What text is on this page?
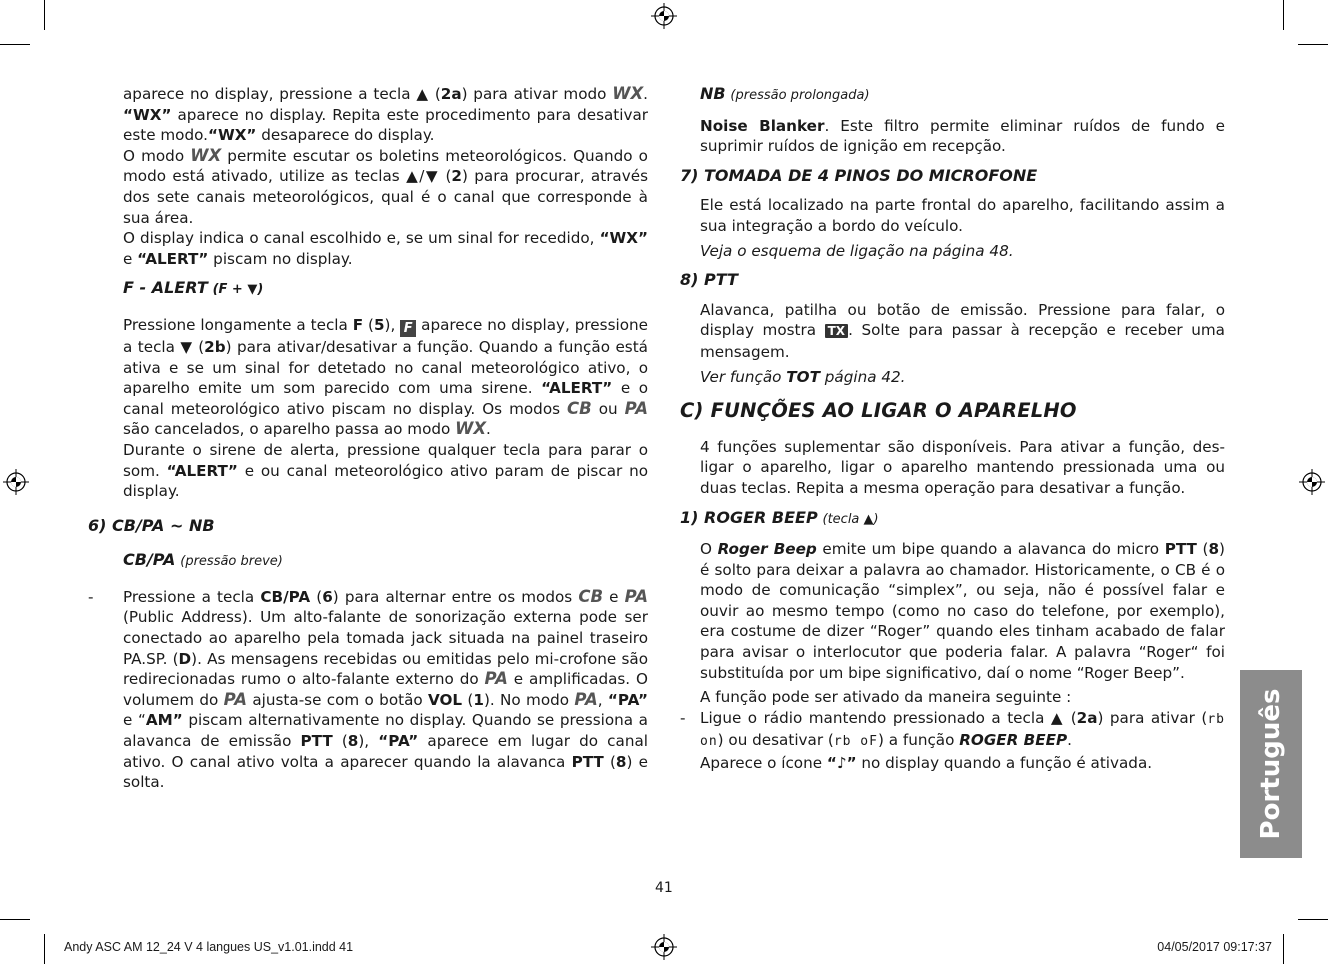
aparece no display, pressione a tecla ▲ (2a) para ativar modo WX. “WX” aparece no display. Repita este procedimento para desativar este modo.“WX” desaparece do display.

O modo WX permite escutar os boletins meteorológicos. Quando o modo está ativado, utilize as teclas ▲/▼ (2) para procurar, através dos sete canais meteorológicos, qual é o canal que corresponde à sua área.

O display indica o canal escolhido e, se um sinal for recedido, “WX” e “ALERT” piscam no display.

F - ALERT (F + ▼)

Pressione longamente a tecla F (5), F aparece no display, pressione a tecla ▼ (2b) para ativar/desativar a função. Quando a função está ativa e se um sinal for detetado no canal meteorológico ativo, o aparelho emite um som parecido com uma sirene. “ALERT” e o canal meteorológico ativo piscam no display. Os modos CB ou PA são cancelados, o aparelho passa ao modo WX.

Durante o sirene de alerta, pressione qualquer tecla para parar o som. “ALERT” e ou canal meteorológico ativo param de piscar no display.

6) CB/PA ~ NB

CB/PA (pressão breve)

- Pressione a tecla CB/PA (6) para alternar entre os modos CB e PA (Public Address). Um alto-falante de sonorização externa pode ser conectado ao aparelho pela tomada jack situada na painel traseiro PA.SP. (D). As mensagens recebidas ou emitidas pelo mi-crofone são redirecionadas rumo o alto-falante externo do PA e amplificadas. O volumem do PA ajusta-se com o botão VOL (1). No modo PA, “PA” e “AM” piscam alternativamente no display. Quando se pressiona a alavanca de emissão PTT (8), “PA” aparece em lugar do canal ativo. O canal ativo volta a aparecer quando la alavanca PTT (8) e solta.

NB (pressão prolongada)

Noise Blanker. Este filtro permite eliminar ruídos de fundo e suprimir ruídos de ignição em recepção.

7) TOMADA DE 4 PINOS DO MICROFONE

Ele está localizado na parte frontal do aparelho, facilitando assim a sua integração a bordo do veículo.

Veja o esquema de ligação na página 48.

8) PTT

Alavanca, patilha ou botão de emissão. Pressione para falar, o display mostra TX . Solte para passar à recepção e receber uma mensagem.

Ver função TOT página 42.

C) FUNÇÕES AO LIGAR O APARELHO

4 funções suplementar são disponíveis. Para ativar a função, des-ligar o aparelho, ligar o aparelho mantendo pressionada uma ou duas teclas. Repita a mesma operação para desativar a função.

1) ROGER BEEP (tecla ▲)

O Roger Beep emite um bipe quando a alavanca do micro PTT (8) é solto para deixar a palavra ao chamador. Historicamente, o CB é o modo de comunicação “simplex”, ou seja, não é possível falar e ouvir ao mesmo tempo (como no caso do telefone, por exemplo), era costume de dizer “Roger” quando eles tinham acabado de falar para avisar o interlocutor que poderia falar. A palavra “Roger“ foi substituída por um bipe significativo, daí o nome “Roger Beep”.

A função pode ser ativado da maneira seguinte :

- Ligue o rádio mantendo pressionado a tecla ▲ (2a) para ativar (rb on) ou desativar (rb oF) a função ROGER BEEP.

Aparece o ícone “♪” no display quando a função é ativada.	Português
41
Andy ASC AM 12_24 V 4 langues US_v1.01.indd 41	04/05/2017 09:17:37
